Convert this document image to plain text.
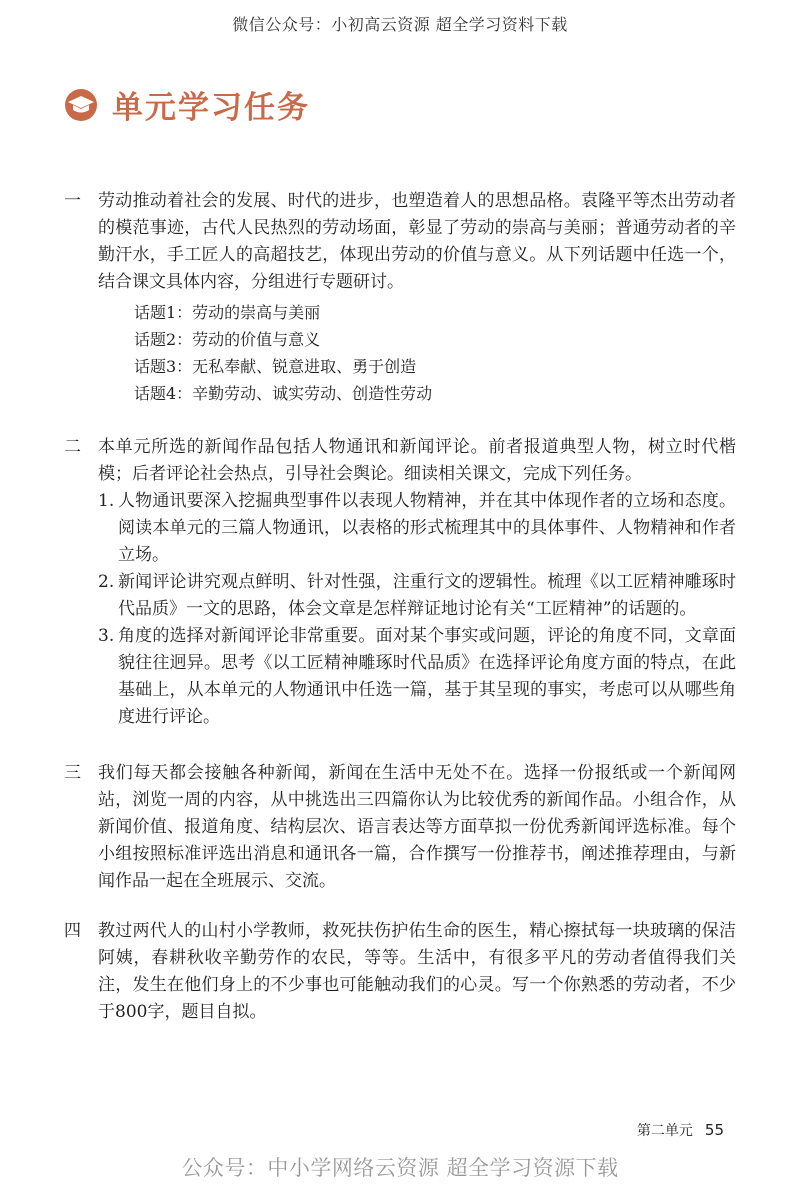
微信公众号：小初高云资源 超全学习资料下载
单元学习任务
一	劳动推动着社会的发展、时代的进步，也塑造着人的思想品格。袁隆平等杰出劳动者的模范事迹，古代人民热烈的劳动场面，彰显了劳动的崇高与美丽；普通劳动者的辛勤汗水，手工匠人的高超技艺，体现出劳动的价值与意义。从下列话题中任选一个，结合课文具体内容，分组进行专题研讨。
话题1：劳动的崇高与美丽
话题2：劳动的价值与意义
话题3：无私奉献、锐意进取、勇于创造
话题4：辛勤劳动、诚实劳动、创造性劳动
二	本单元所选的新闻作品包括人物通讯和新闻评论。前者报道典型人物，树立时代楷模；后者评论社会热点，引导社会舆论。细读相关课文，完成下列任务。
1. 人物通讯要深入挖掘典型事件以表现人物精神，并在其中体现作者的立场和态度。阅读本单元的三篇人物通讯，以表格的形式梳理其中的具体事件、人物精神和作者立场。
2. 新闻评论讲究观点鲜明、针对性强，注重行文的逻辑性。梳理《以工匠精神雕琢时代品质》一文的思路，体会文章是怎样辩证地讨论有关“工匠精神”的话题的。
3. 角度的选择对新闻评论非常重要。面对某个事实或问题，评论的角度不同，文章面貌往往迥异。思考《以工匠精神雕琢时代品质》在选择评论角度方面的特点，在此基础上，从本单元的人物通讯中任选一篇，基于其呈现的事实，考虑可以从哪些角度进行评论。
三	我们每天都会接触各种新闻，新闻在生活中无处不在。选择一份报纸或一个新闻网站，浏览一周的内容，从中挑选出三四篇你认为比较优秀的新闻作品。小组合作，从新闻价值、报道角度、结构层次、语言表达等方面草拟一份优秀新闻评选标准。每个小组按照标准评选出消息和通讯各一篇，合作撰写一份推荐书，阐述推荐理由，与新闻作品一起在全班展示、交流。
四	教过两代人的山村小学教师，救死扶伤护佑生命的医生，精心擦拭每一块玻璃的保洁阿姨，春耕秋收辛勤劳作的农民，等等。生活中，有很多平凡的劳动者值得我们关注，发生在他们身上的不少事也可能触动我们的心灵。写一个你熟悉的劳动者，不少于800字，题目自拟。
第二单元 55
公众号：中小学网络云资源 超全学习资源下载
